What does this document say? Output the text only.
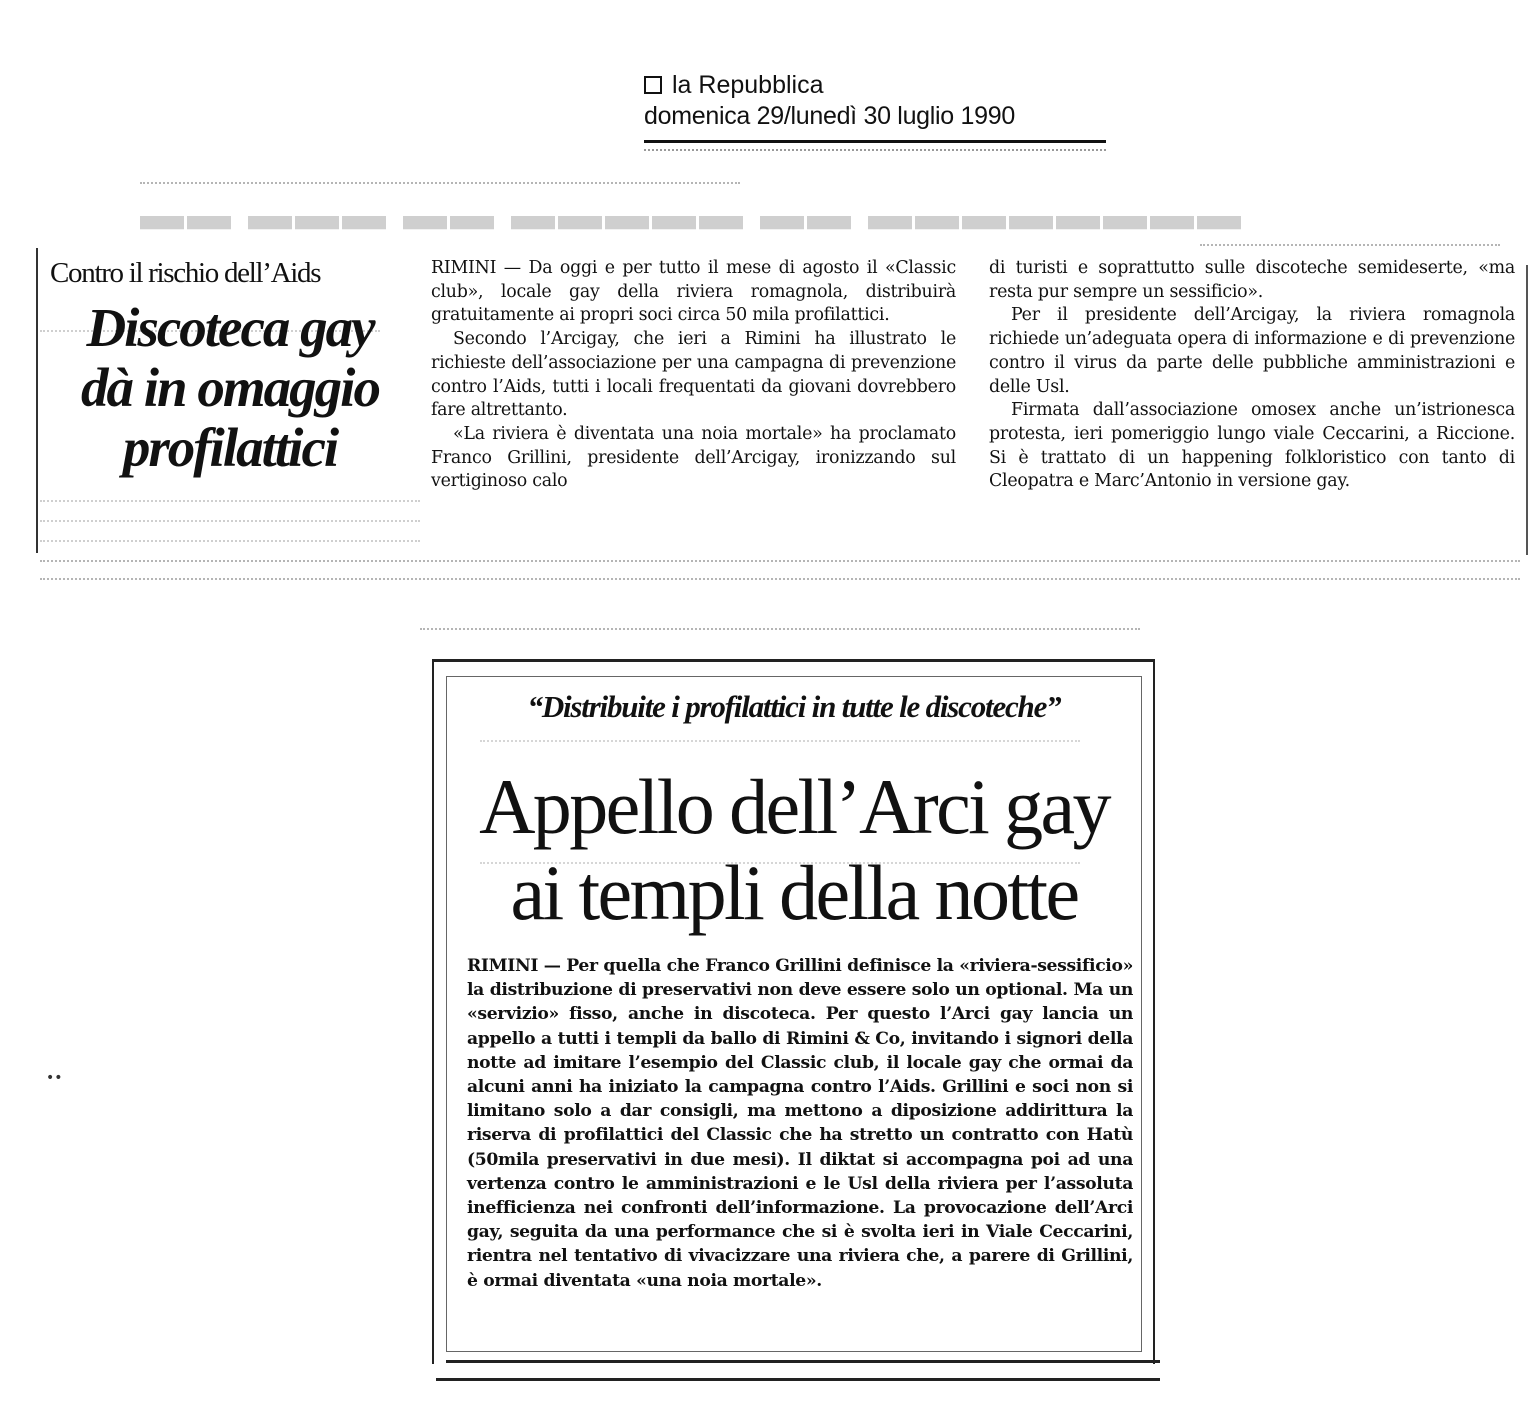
la Repubblica
domenica 29/lunedì 30 luglio 1990
▬▬ ▬▬▬ ▬▬ ▬▬▬▬▬ ▬▬ ▬▬▬▬▬▬▬▬

Contro il rischio dell’Aids

Discoteca gay
dà in omaggio
profilattici

RIMINI — Da oggi e per tutto il mese di agosto il «Classic club», locale gay della riviera romagnola, distribuirà gratuitamente ai propri soci circa 50 mila profilattici.

Secondo l’Arcigay, che ieri a Rimini ha illustrato le richieste dell’associazione per una campagna di prevenzione contro l’Aids, tutti i locali frequentati da giovani dovrebbero fare altrettanto.

«La riviera è diventata una noia mortale» ha proclamato Franco Grillini, presidente dell’Arcigay, ironizzando sul vertiginoso calo

di turisti e soprattutto sulle discoteche semideserte, «ma resta pur sempre un sessificio».

Per il presidente dell’Arcigay, la riviera romagnola richiede un’adeguata opera di informazione e di prevenzione contro il virus da parte delle pubbliche amministrazioni e delle Usl.

Firmata dall’associazione omosex anche un’istrionesca protesta, ieri pomeriggio lungo viale Ceccarini, a Riccione. Si è trattato di un happening folkloristico con tanto di Cleopatra e Marc’Antonio in versione gay.

“Distribuite i profilattici in tutte le discoteche”

Appello dell’Arci gay
ai templi della notte

RIMINI — Per quella che Franco Grillini definisce la «riviera-sessificio» la distribuzione di preservativi non deve essere solo un optional. Ma un «servizio» fisso, anche in discoteca. Per questo l’Arci gay lancia un appello a tutti i templi da ballo di Rimini & Co, invitando i signori della notte ad imitare l’esempio del Classic club, il locale gay che ormai da alcuni anni ha iniziato la campagna contro l’Aids. Grillini e soci non si limitano solo a dar consigli, ma mettono a diposizione addirittura la riserva di profilattici del Classic che ha stretto un contratto con Hatù (50mila preservativi in due mesi). Il diktat si accompagna poi ad una vertenza contro le amministrazioni e le Usl della riviera per l’assoluta inefficienza nei confronti dell’informazione. La provocazione dell’Arci gay, seguita da una performance che si è svolta ieri in Viale Ceccarini, rientra nel tentativo di vivacizzare una riviera che, a parere di Grillini, è ormai diventata «una noia mortale».

••
